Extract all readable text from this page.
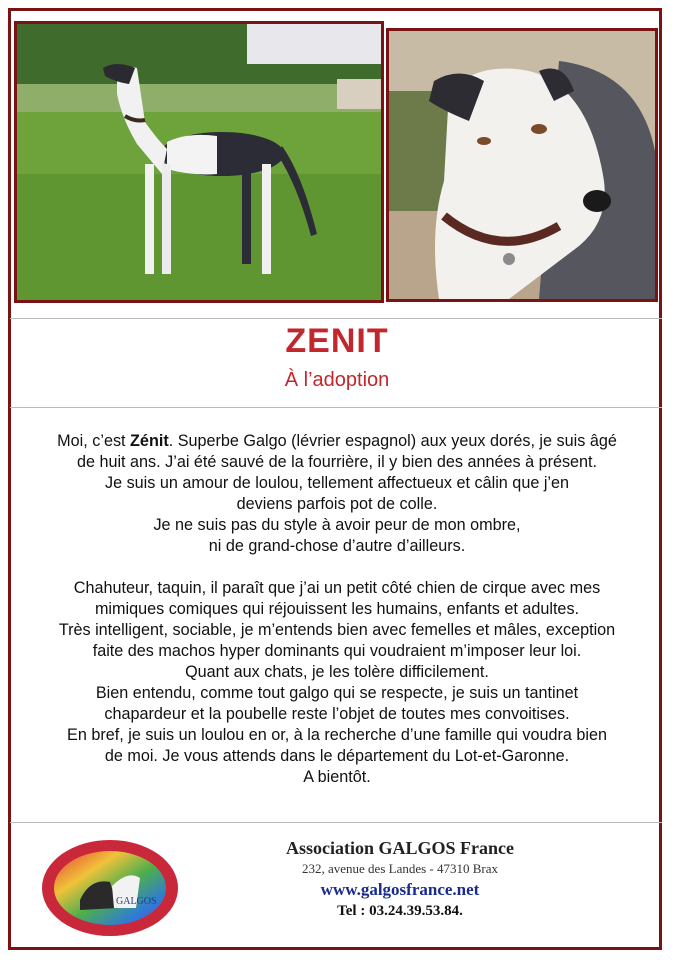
ZENIT
À l’adoption

Moi, c’est Zénit. Superbe Galgo (lévrier espagnol) aux yeux dorés, je suis âgé

de huit ans. J’ai été sauvé de la fourrière, il y bien des années à présent.

Je suis un amour de loulou, tellement affectueux et câlin que j’en

deviens parfois pot de colle.

Je ne suis pas du style à avoir peur de mon ombre,

ni de grand-chose d’autre d’ailleurs.

Chahuteur, taquin, il paraît que j’ai un petit côté chien de cirque avec mes

mimiques comiques qui réjouissent les humains, enfants et adultes.

Très intelligent, sociable, je m’entends bien avec femelles et mâles, exception

faite des machos hyper dominants qui voudraient m’imposer leur loi.

Quant aux chats, je les tolère difficilement.

Bien entendu, comme tout galgo qui se respecte, je suis un tantinet

chapardeur et la poubelle reste l’objet de toutes mes convoitises.

En bref, je suis un loulou en or, à la recherche d’une famille qui voudra bien

de moi. Je vous attends dans le département du Lot-et-Garonne.

A bientôt.

GALGOS
Association GALGOS France
232, avenue des Landes - 47310 Brax
www.galgosfrance.net
Tel : 03.24.39.53.84.
